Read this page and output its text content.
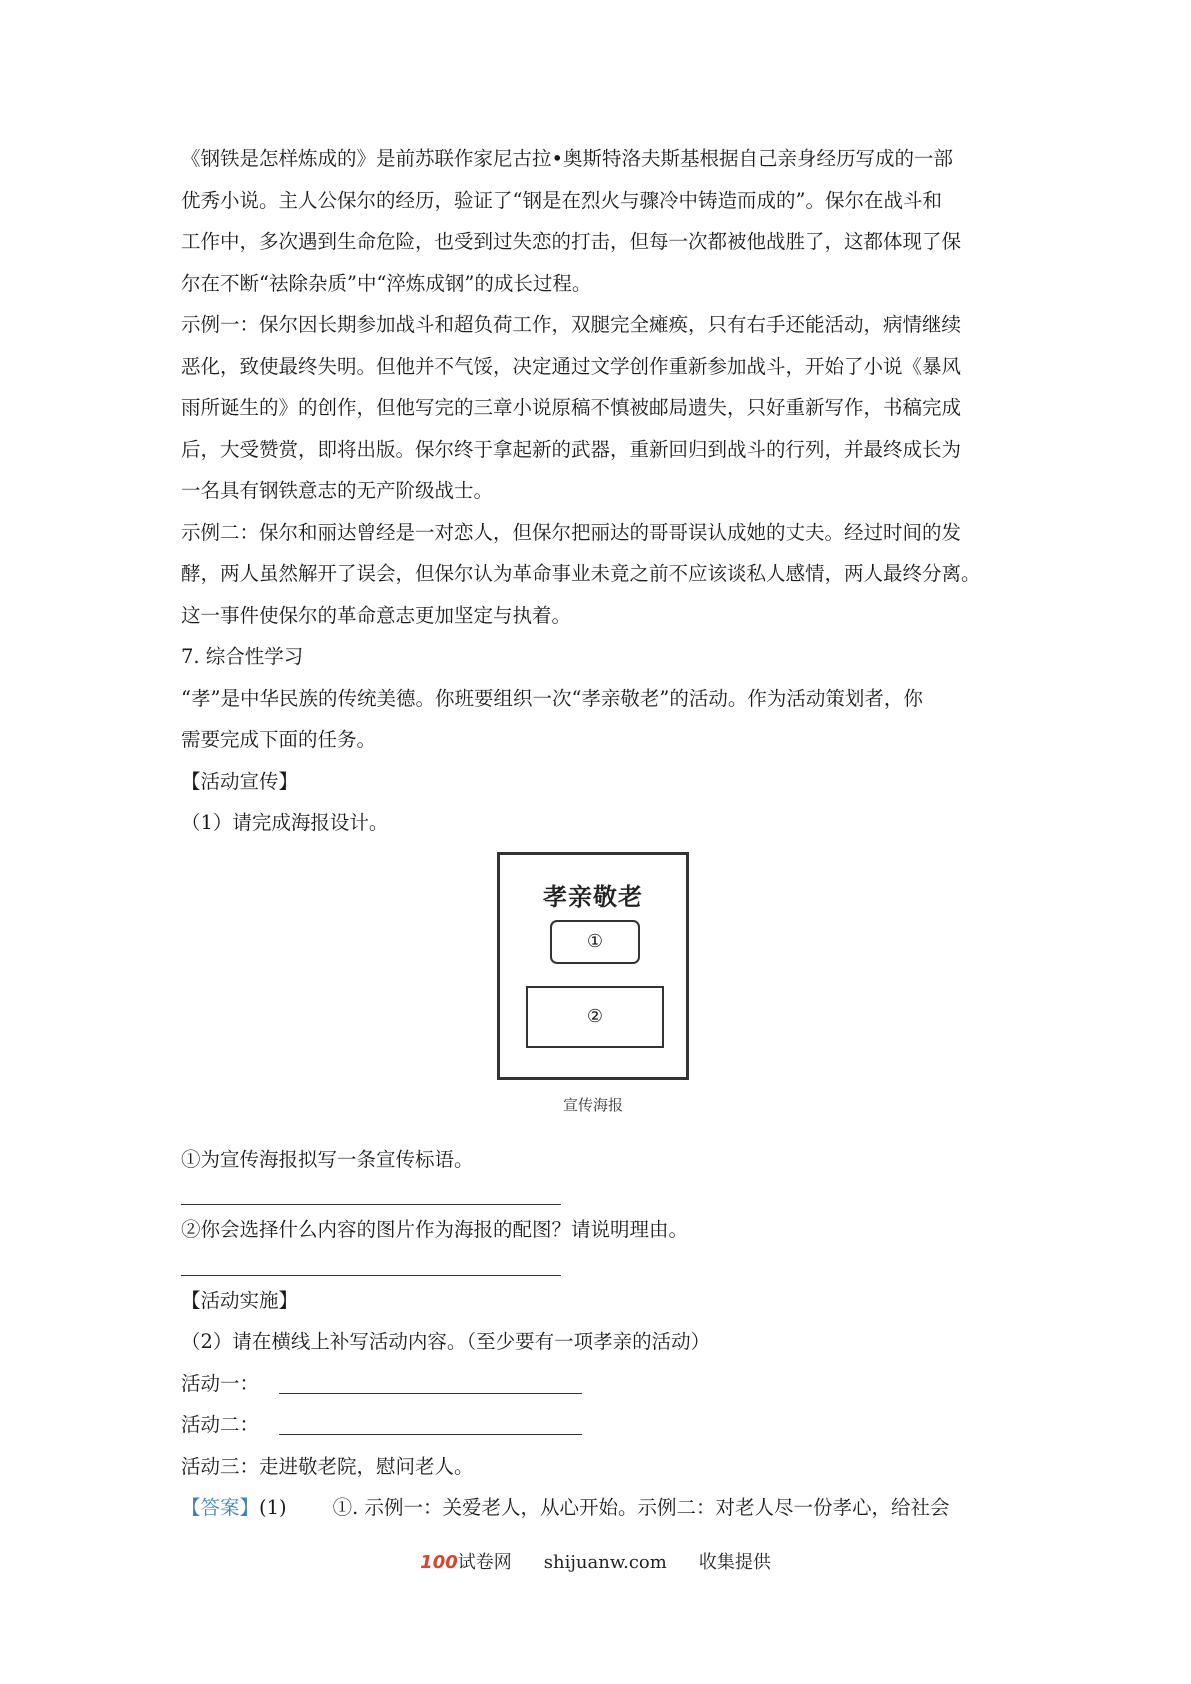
《钢铁是怎样炼成的》是前苏联作家尼古拉•奥斯特洛夫斯基根据自己亲身经历写成的一部
优秀小说。主人公保尔的经历，验证了“钢是在烈火与骤冷中铸造而成的”。保尔在战斗和
工作中，多次遇到生命危险，也受到过失恋的打击，但每一次都被他战胜了，这都体现了保
尔在不断“祛除杂质”中“淬炼成钢”的成长过程。
示例一：保尔因长期参加战斗和超负荷工作，双腿完全瘫痪，只有右手还能活动，病情继续
恶化，致使最终失明。但他并不气馁，决定通过文学创作重新参加战斗，开始了小说《暴风
雨所诞生的》的创作，但他写完的三章小说原稿不慎被邮局遗失，只好重新写作，书稿完成
后，大受赞赏，即将出版。保尔终于拿起新的武器，重新回归到战斗的行列，并最终成长为
一名具有钢铁意志的无产阶级战士。
示例二：保尔和丽达曾经是一对恋人，但保尔把丽达的哥哥误认成她的丈夫。经过时间的发
酵，两人虽然解开了误会，但保尔认为革命事业未竟之前不应该谈私人感情，两人最终分离。
这一事件使保尔的革命意志更加坚定与执着。
7. 综合性学习
“孝”是中华民族的传统美德。你班要组织一次“孝亲敬老”的活动。作为活动策划者，你
需要完成下面的任务。
【活动宣传】
（1）请完成海报设计。
孝亲敬老
①
②
宣传海报
①为宣传海报拟写一条宣传标语。
②你会选择什么内容的图片作为海报的配图？请说明理由。
【活动实施】
（2）请在横线上补写活动内容。（至少要有一项孝亲的活动）
活动一：
活动二：
活动三：走进敬老院，慰问老人。
【答案】(1) ①. 示例一：关爱老人，从心开始。示例二：对老人尽一份孝心，给社会
100试卷网 shijuanw.com 收集提供
